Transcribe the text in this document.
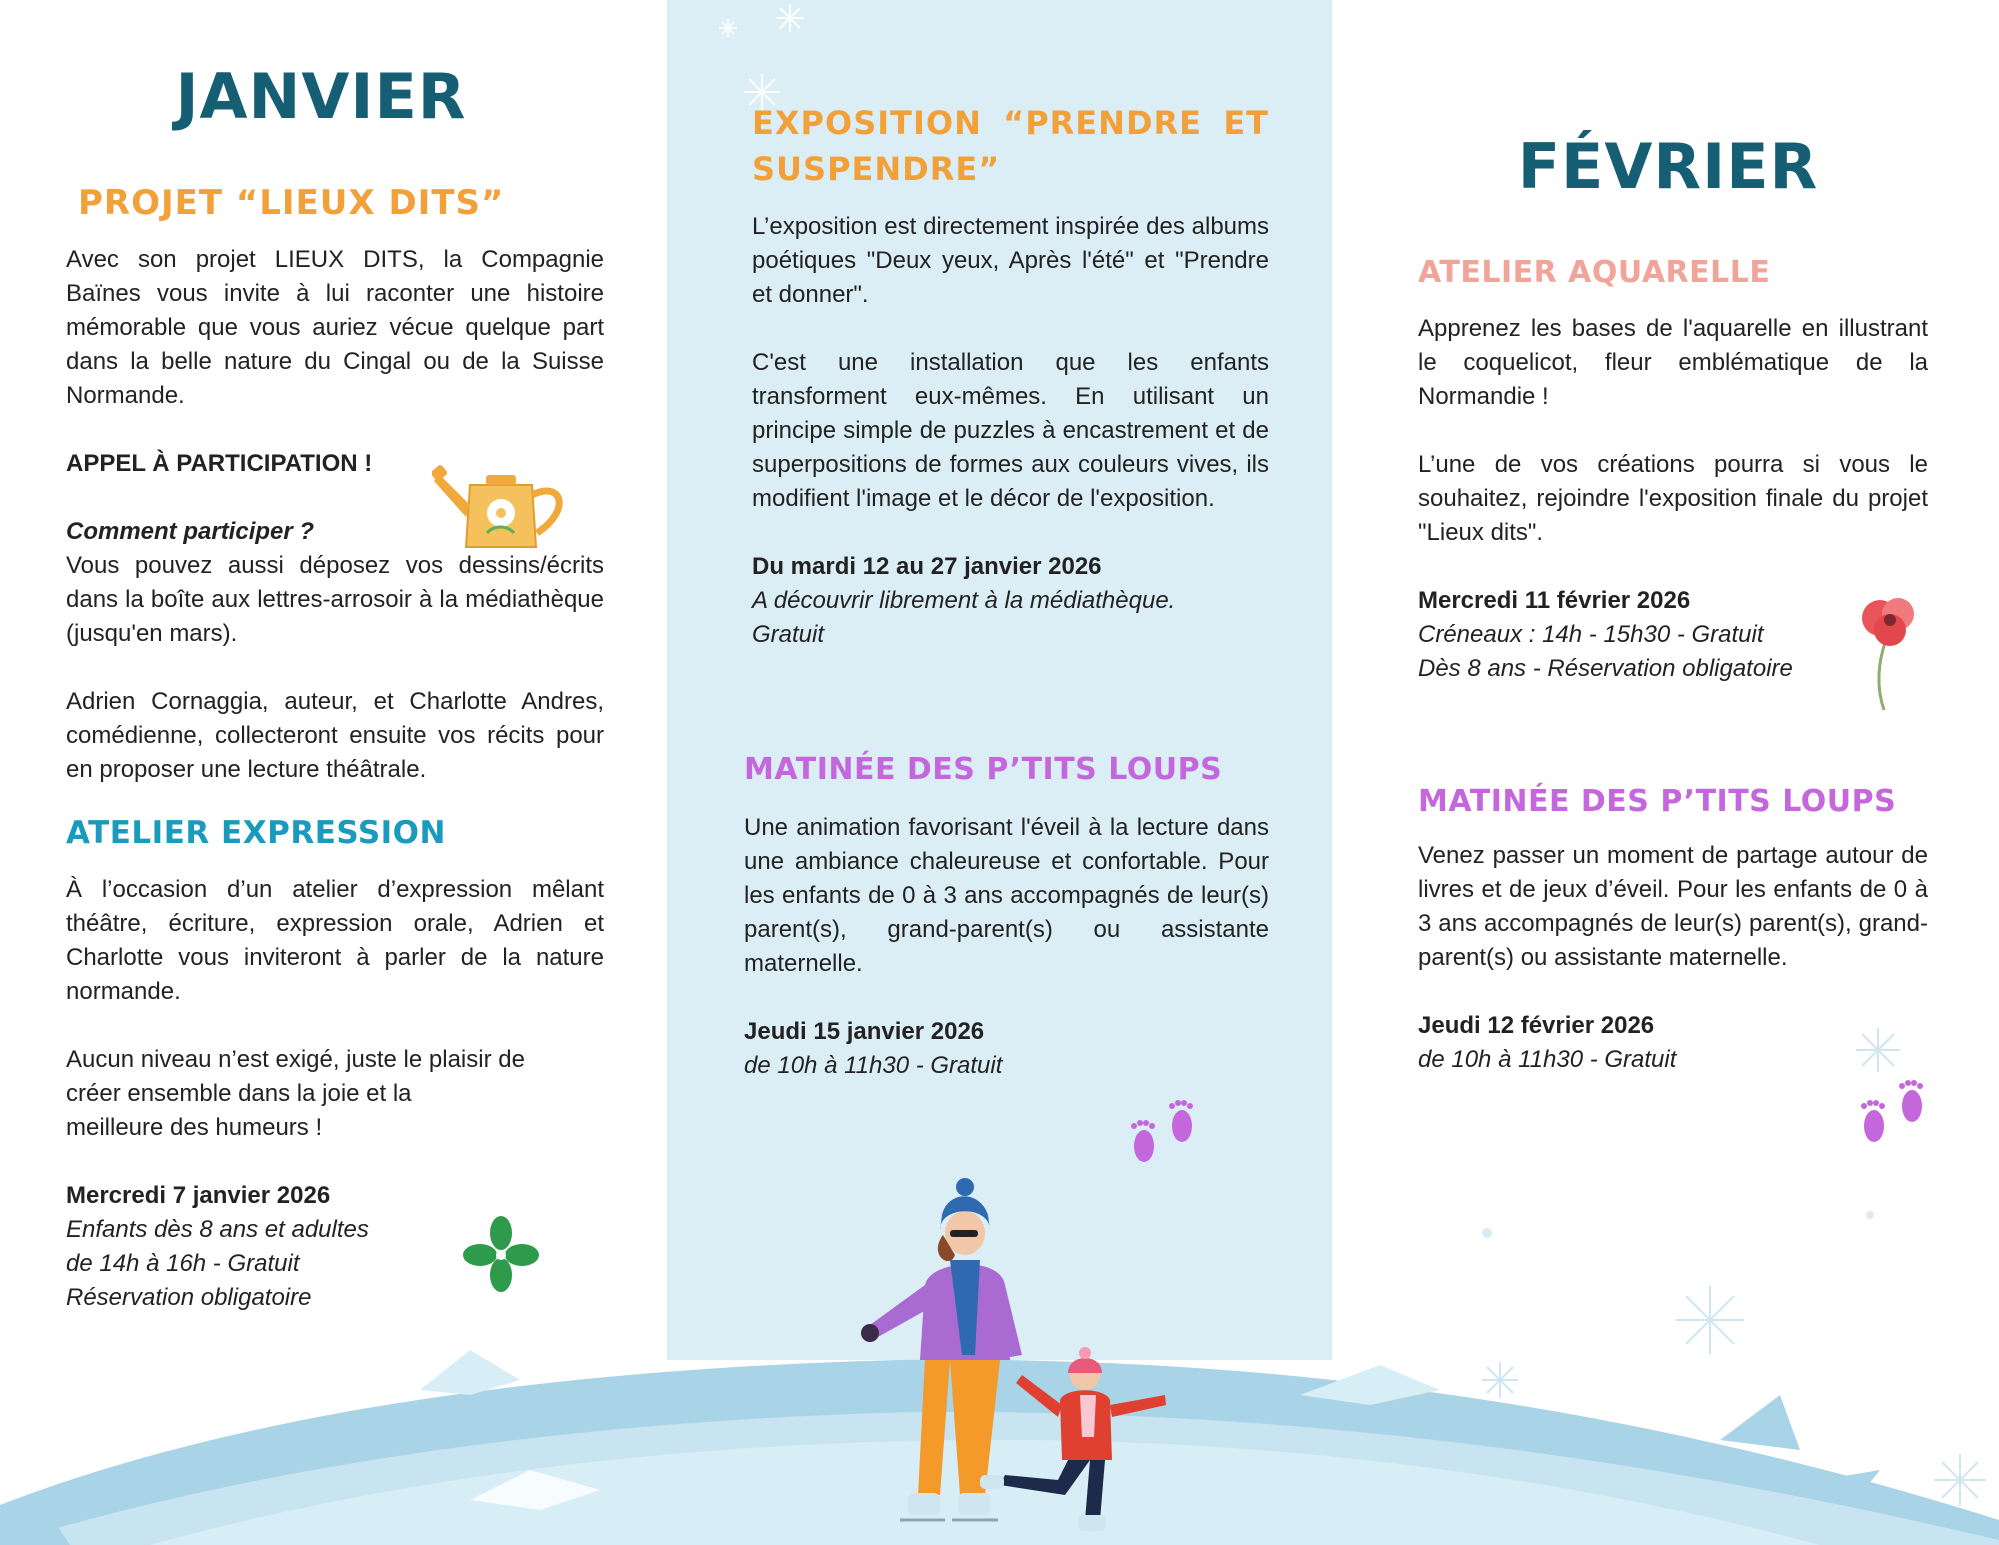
JANVIER
PROJET “LIEUX DITS”
Avec son projet LIEUX DITS, la Compagnie Baïnes vous invite à lui raconter une histoire mémorable que vous auriez vécue quelque part dans la belle nature du Cingal ou de la Suisse Normande.
APPEL À PARTICIPATION !
Comment participer ?
Vous pouvez aussi déposez vos dessins/écrits dans la boîte aux lettres-arrosoir à la médiathèque (jusqu'en mars).
Adrien Cornaggia, auteur, et Charlotte Andres, comédienne, collecteront ensuite vos récits pour en proposer une lecture théâtrale.
ATELIER EXPRESSION
À l’occasion d’un atelier d’expression mêlant théâtre, écriture, expression orale, Adrien et Charlotte vous inviteront à parler de la nature normande.
Aucun niveau n’est exigé, juste le plaisir de
créer ensemble dans la joie et la
meilleure des humeurs !
Mercredi 7 janvier 2026
Enfants dès 8 ans et adultes
de 14h à 16h - Gratuit
Réservation obligatoire
EXPOSITION “PRENDRE ET SUSPENDRE”
L’exposition est directement inspirée des albums poétiques "Deux yeux, Après l'été" et "Prendre et donner".
C'est une installation que les enfants transforment eux-mêmes. En utilisant un principe simple de puzzles à encastrement et de superpositions de formes aux couleurs vives, ils modifient l'image et le décor de l'exposition.
Du mardi 12 au 27 janvier 2026
A découvrir librement à la médiathèque.
Gratuit
MATINÉE DES P’TITS LOUPS
Une animation favorisant l'éveil à la lecture dans une ambiance chaleureuse et confortable. Pour les enfants de 0 à 3 ans accompagnés de leur(s) parent(s), grand-parent(s) ou assistante maternelle.
Jeudi 15 janvier 2026
de 10h à 11h30 - Gratuit
FÉVRIER
ATELIER AQUARELLE
Apprenez les bases de l'aquarelle en illustrant le coquelicot, fleur emblématique de la Normandie !
L’une de vos créations pourra si vous le souhaitez, rejoindre l'exposition finale du projet "Lieux dits".
Mercredi 11 février 2026
Créneaux : 14h - 15h30 - Gratuit
Dès 8 ans - Réservation obligatoire
MATINÉE DES P’TITS LOUPS
Venez passer un moment de partage autour de livres et de jeux d’éveil. Pour les enfants de 0 à 3 ans accompagnés de leur(s) parent(s), grand-parent(s) ou assistante maternelle.
Jeudi 12 février 2026
de 10h à 11h30 - Gratuit
